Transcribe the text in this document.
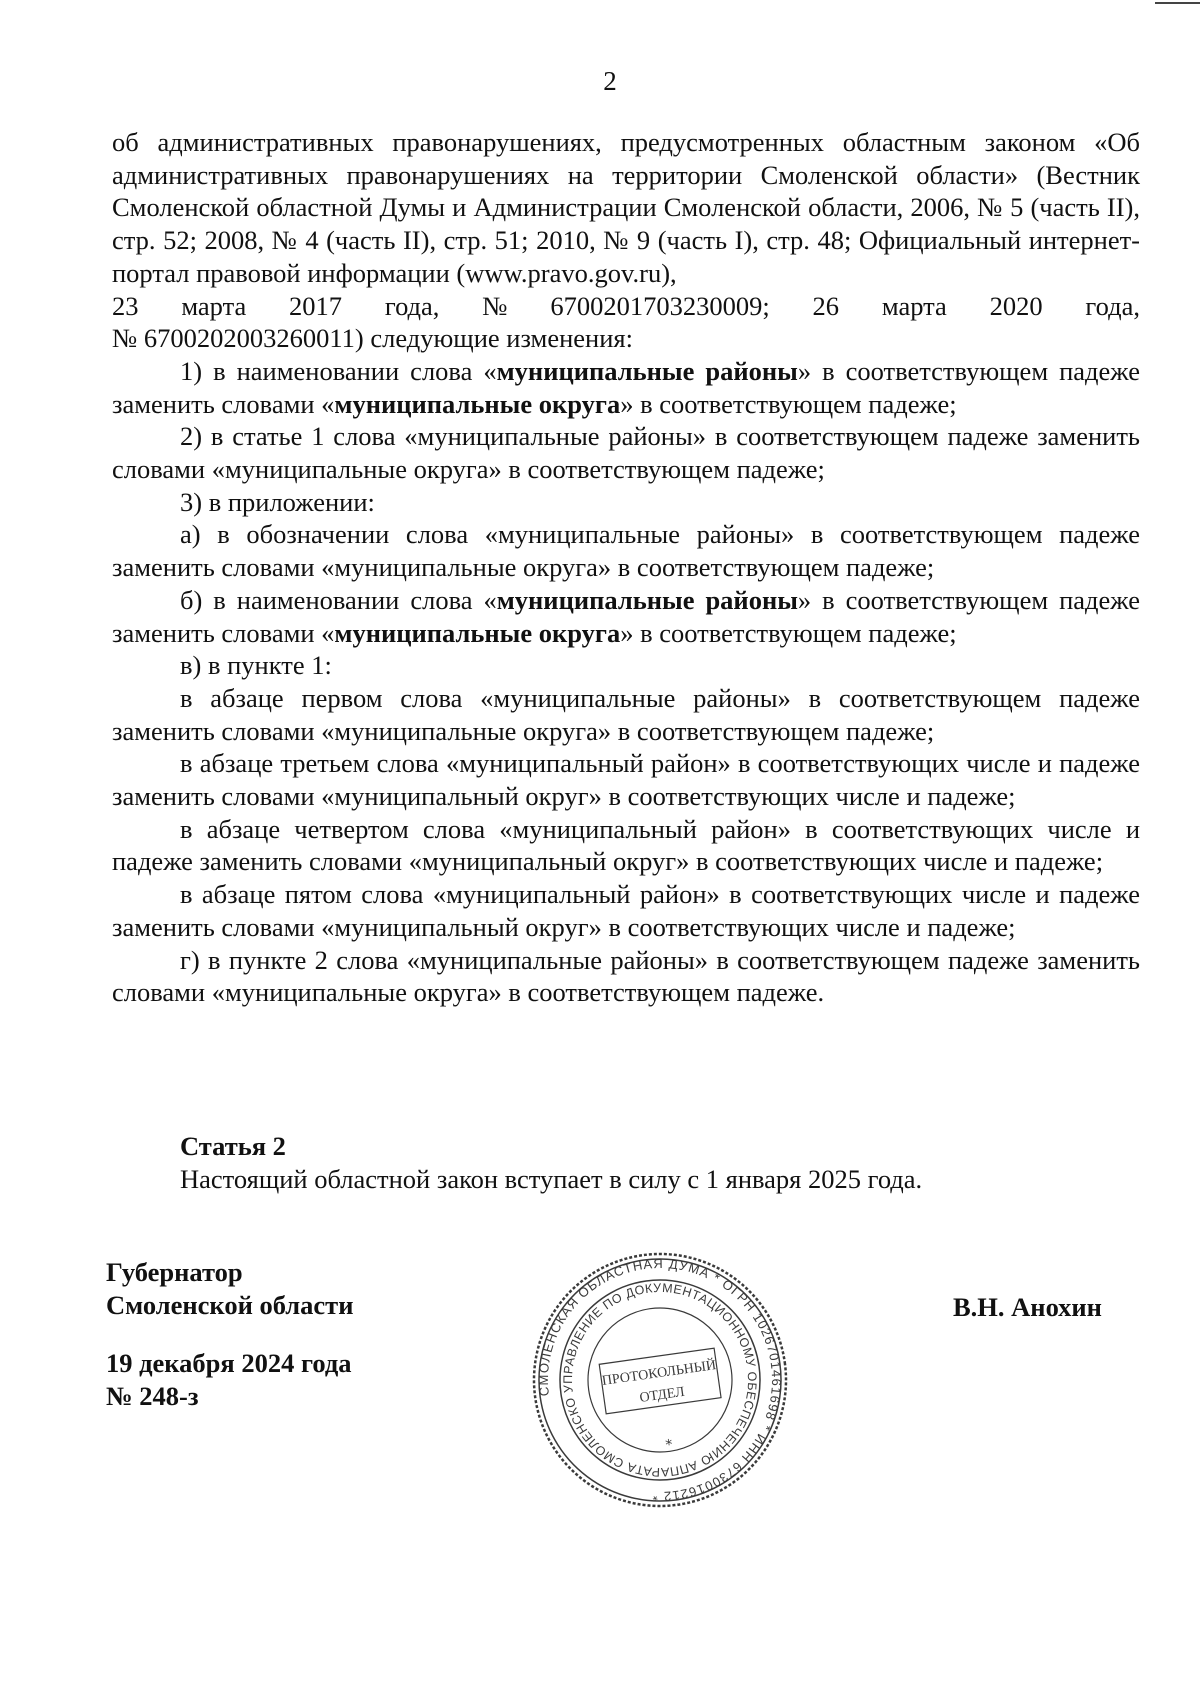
2

об административных правонарушениях, предусмотренных областным законом «Об административных правонарушениях на территории Смоленской области» (Вестник Смоленской областной Думы и Администрации Смоленской области, 2006, № 5 (часть II), стр. 52; 2008, № 4 (часть II), стр. 51; 2010, № 9 (часть I), стр. 48; Официальный интернет-портал правовой информации (www.pravo.gov.ru),

23 марта 2017 года, № 6700201703230009; 26 марта 2020 года,

№ 6700202003260011) следующие изменения:

1) в наименовании слова «муниципальные районы» в соответствующем падеже заменить словами «муниципальные округа» в соответствующем падеже;

2) в статье 1 слова «муниципальные районы» в соответствующем падеже заменить словами «муниципальные округа» в соответствующем падеже;

3) в приложении:

а) в обозначении слова «муниципальные районы» в соответствующем падеже заменить словами «муниципальные округа» в соответствующем падеже;

б) в наименовании слова «муниципальные районы» в соответствующем падеже заменить словами «муниципальные округа» в соответствующем падеже;

в) в пункте 1:

в абзаце первом слова «муниципальные районы» в соответствующем падеже заменить словами «муниципальные округа» в соответствующем падеже;

в абзаце третьем слова «муниципальный район» в соответствующих числе и падеже заменить словами «муниципальный округ» в соответствующих числе и падеже;

в абзаце четвертом слова «муниципальный район» в соответствующих числе и падеже заменить словами «муниципальный округ» в соответствующих числе и падеже;

в абзаце пятом слова «муниципальный район» в соответствующих числе и падеже заменить словами «муниципальный округ» в соответствующих числе и падеже;

г) в пункте 2 слова «муниципальные районы» в соответствующем падеже заменить словами «муниципальные округа» в соответствующем падеже.

Статья 2

Настоящий областной закон вступает в силу с 1 января 2025 года.

Губернатор

Смоленской области

19 декабря 2024 года

№ 248-з

В.Н. Анохин
СМОЛЕНСКАЯ ОБЛАСТНАЯ ДУМА * ОГРН 1026701461698 * ИНН 6730016212 *
УПРАВЛЕНИЕ ПО ДОКУМЕНТАЦИОННОМУ ОБЕСПЕЧЕНИЮ АППАРАТА СМОЛЕНСКОЙ ОБЛАСТНОЙ ДУМЫ
ПРОТОКОЛЬНЫЙ
ОТДЕЛ
*
